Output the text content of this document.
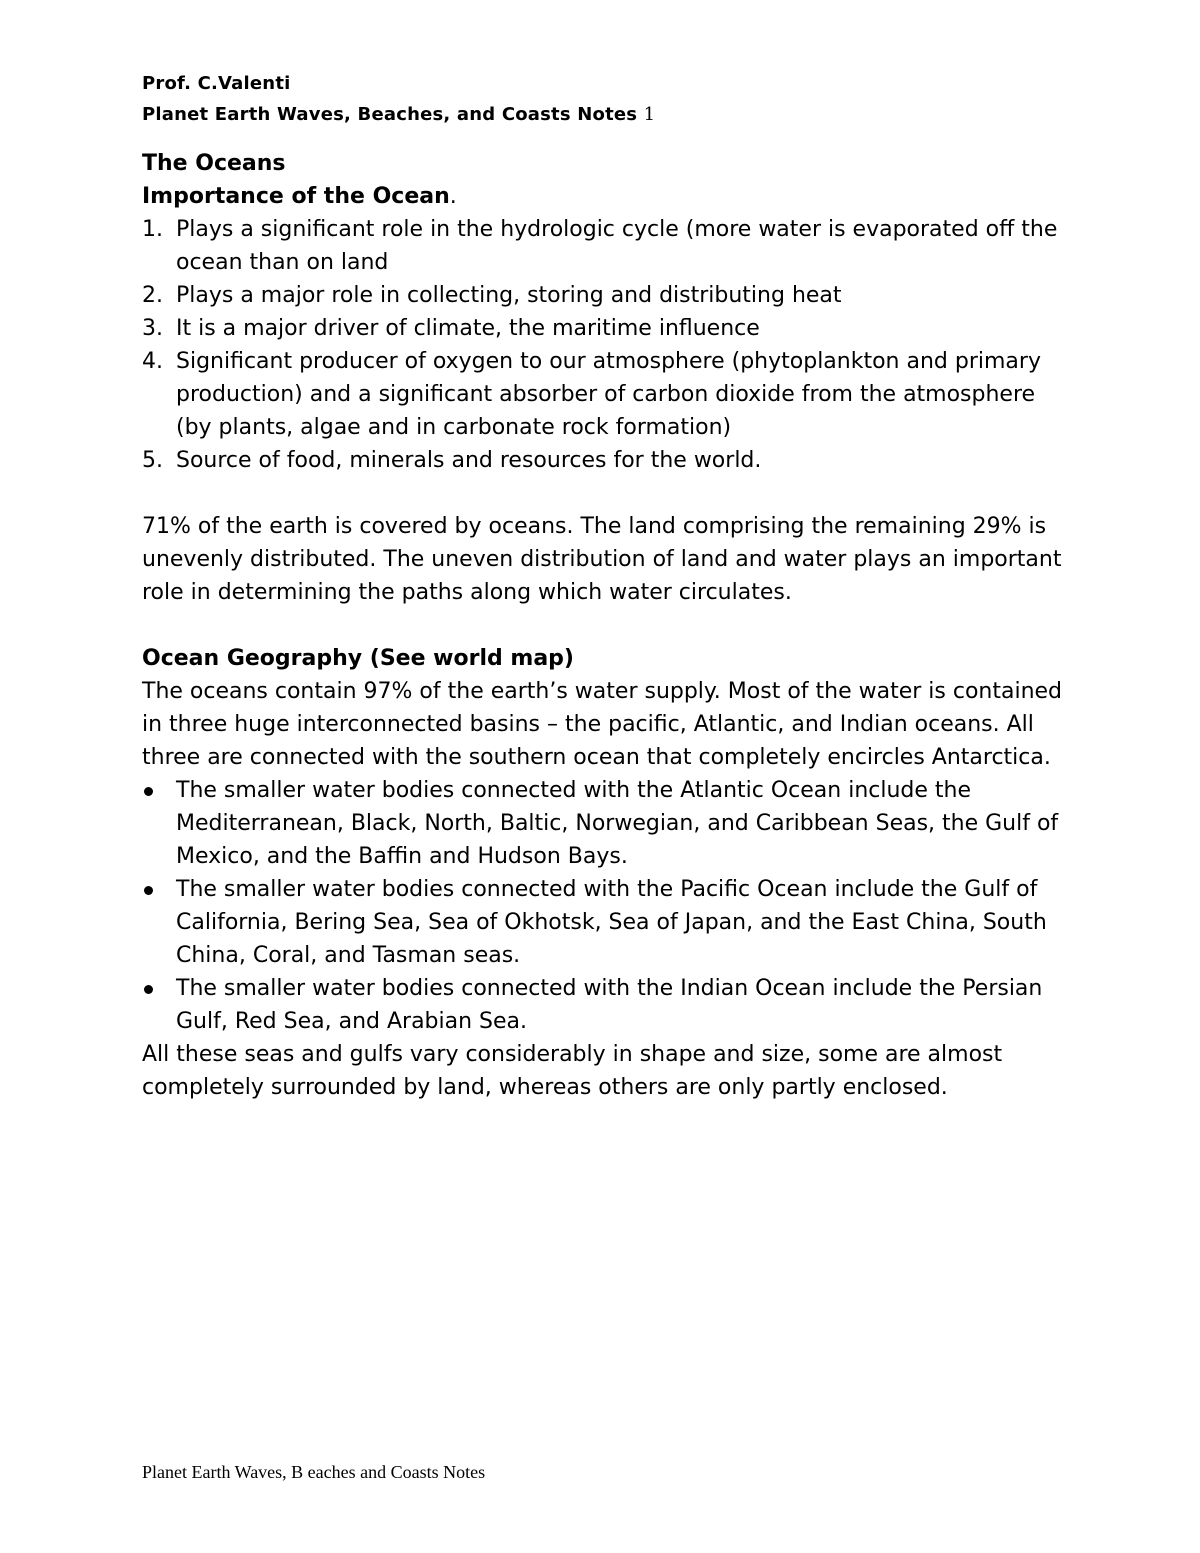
Prof. C.Valenti
Planet Earth Waves, Beaches, and Coasts Notes 1
The Oceans
Importance of the Ocean.
1. Plays a significant role in the hydrologic cycle (more water is evaporated off the ocean than on land
2. Plays a major role in collecting, storing and distributing heat
3. It is a major driver of climate, the maritime influence
4. Significant producer of oxygen to our atmosphere (phytoplankton and primary production) and a significant absorber of carbon dioxide from the atmosphere (by plants, algae and in carbonate rock formation)
5. Source of food, minerals and resources for the world.

71% of the earth is covered by oceans. The land comprising the remaining 29% is unevenly distributed. The uneven distribution of land and water plays an important role in determining the paths along which water circulates.

Ocean Geography (See world map)

The oceans contain 97% of the earth’s water supply. Most of the water is contained in three huge interconnected basins – the pacific, Atlantic, and Indian oceans. All three are connected with the southern ocean that completely encircles Antarctica.

The smaller water bodies connected with the Atlantic Ocean include the Mediterranean, Black, North, Baltic, Norwegian, and Caribbean Seas, the Gulf of Mexico, and the Baffin and Hudson Bays.
The smaller water bodies connected with the Pacific Ocean include the Gulf of California, Bering Sea, Sea of Okhotsk, Sea of Japan, and the East China, South China, Coral, and Tasman seas.
The smaller water bodies connected with the Indian Ocean include the Persian Gulf, Red Sea, and Arabian Sea.

All these seas and gulfs vary considerably in shape and size, some are almost completely surrounded by land, whereas others are only partly enclosed.

Planet Earth Waves, B eaches and Coasts Notes
